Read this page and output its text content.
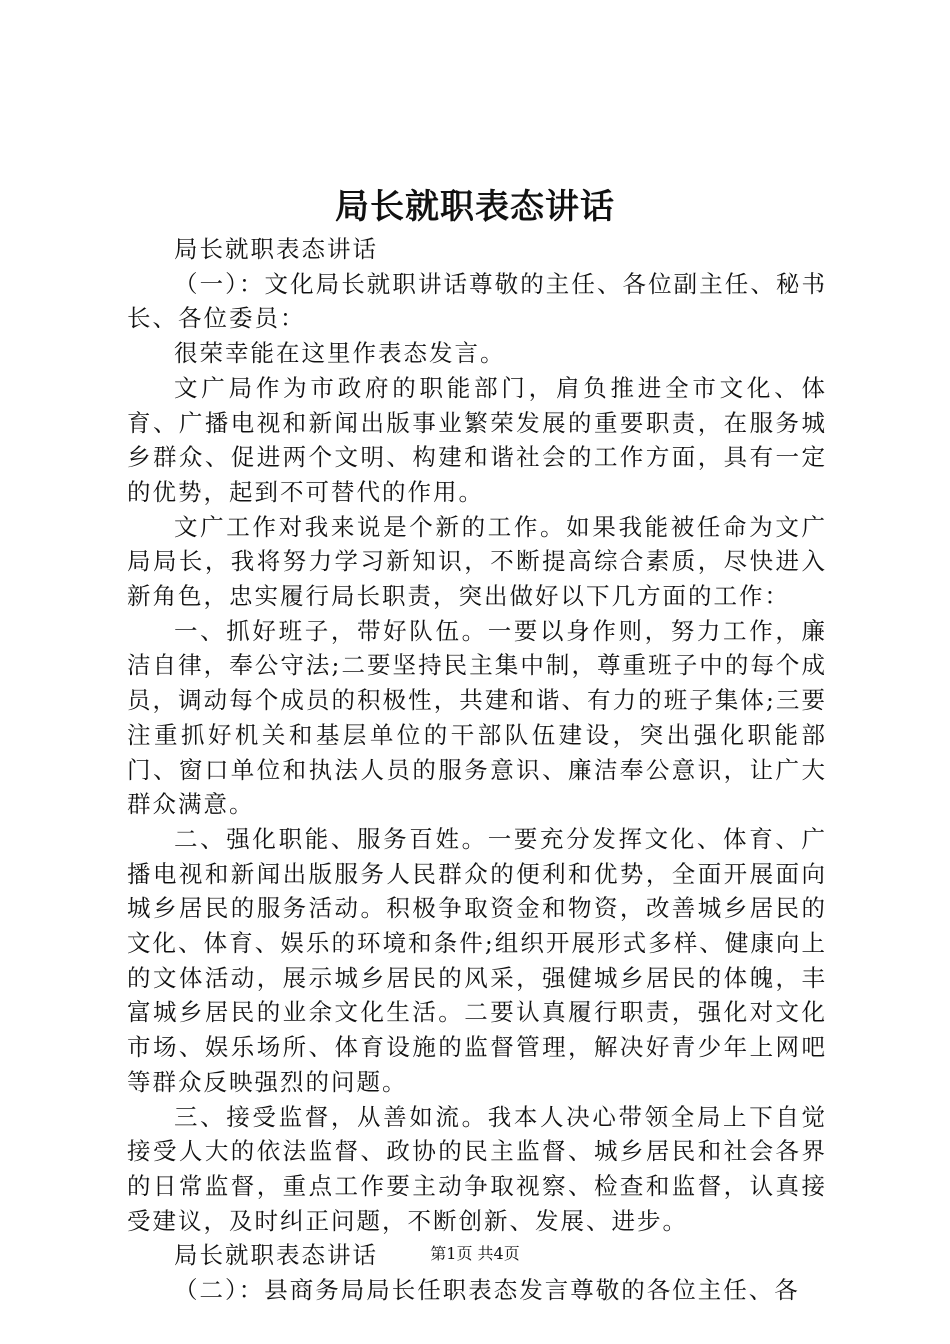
局长就职表态讲话

局长就职表态讲话

（一）：文化局长就职讲话尊敬的主任、各位副主任、秘书长、各位委员：

很荣幸能在这里作表态发言。

文广局作为市政府的职能部门，肩负推进全市文化、体育、广播电视和新闻出版事业繁荣发展的重要职责，在服务城乡群众、促进两个文明、构建和谐社会的工作方面，具有一定的优势，起到不可替代的作用。

文广工作对我来说是个新的工作。如果我能被任命为文广局局长，我将努力学习新知识，不断提高综合素质，尽快进入新角色，忠实履行局长职责，突出做好以下几方面的工作：

一、抓好班子，带好队伍。一要以身作则，努力工作，廉洁自律，奉公守法;二要坚持民主集中制，尊重班子中的每个成员，调动每个成员的积极性，共建和谐、有力的班子集体;三要注重抓好机关和基层单位的干部队伍建设，突出强化职能部门、窗口单位和执法人员的服务意识、廉洁奉公意识，让广大群众满意。

二、强化职能、服务百姓。一要充分发挥文化、体育、广播电视和新闻出版服务人民群众的便利和优势，全面开展面向城乡居民的服务活动。积极争取资金和物资，改善城乡居民的文化、体育、娱乐的环境和条件;组织开展形式多样、健康向上的文体活动，展示城乡居民的风采，强健城乡居民的体魄，丰富城乡居民的业余文化生活。二要认真履行职责，强化对文化市场、娱乐场所、体育设施的监督管理，解决好青少年上网吧等群众反映强烈的问题。

三、接受监督，从善如流。我本人决心带领全局上下自觉接受人大的依法监督、政协的民主监督、城乡居民和社会各界的日常监督，重点工作要主动争取视察、检查和监督，认真接受建议，及时纠正问题，不断创新、发展、进步。

局长就职表态讲话

（二）：县商务局局长任职表态发言尊敬的各位主任、各

第1页 共4页
